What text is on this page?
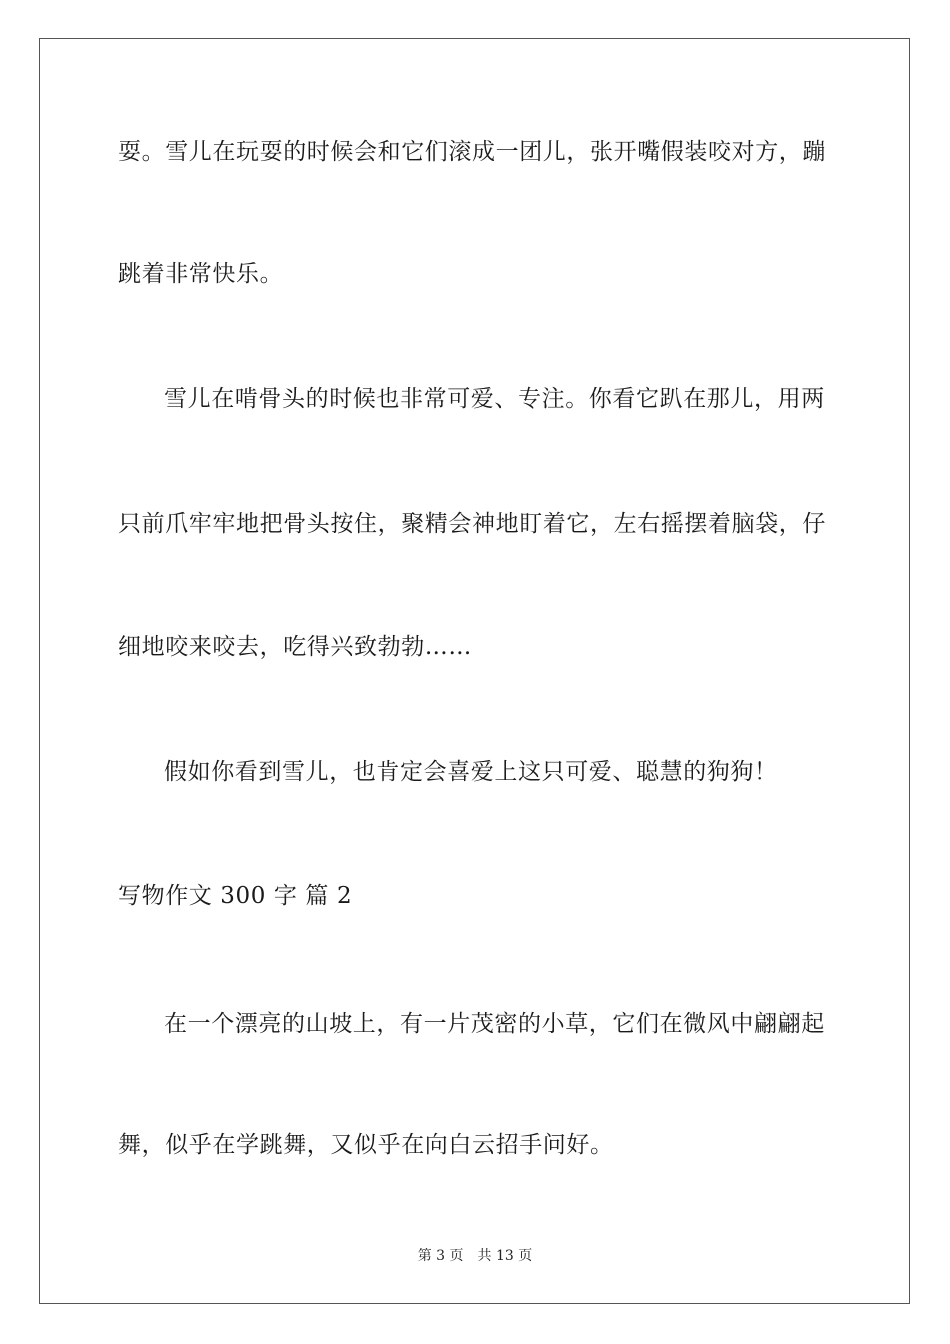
耍。雪儿在玩耍的时候会和它们滚成一团儿，张开嘴假装咬对方，蹦
跳着非常快乐。
雪儿在啃骨头的时候也非常可爱、专注。你看它趴在那儿，用两
只前爪牢牢地把骨头按住，聚精会神地盯着它，左右摇摆着脑袋，仔
细地咬来咬去，吃得兴致勃勃……
假如你看到雪儿，也肯定会喜爱上这只可爱、聪慧的狗狗！
写物作文 300 字 篇 2
在一个漂亮的山坡上，有一片茂密的小草，它们在微风中翩翩起
舞，似乎在学跳舞，又似乎在向白云招手问好。
第 3 页 共 13 页
